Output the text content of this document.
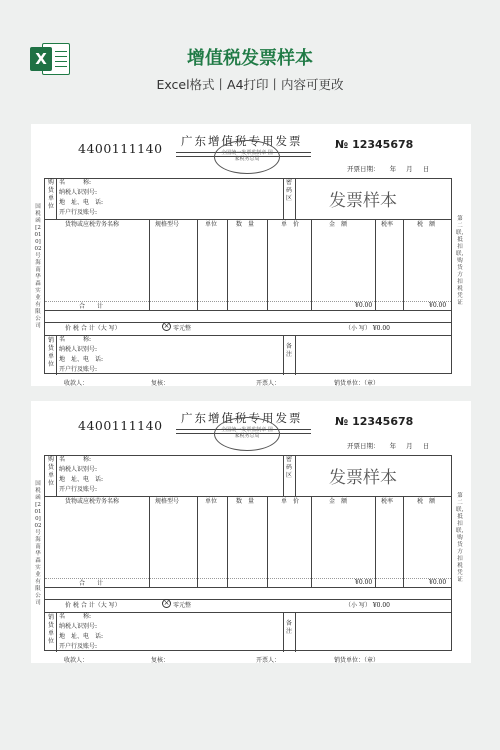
X	增值税发票样本
Excel格式丨A4打印丨内容可更改
4400111140 广东增值税专用发票
全国统一发票监制章 国家税务总局
№ 12345678
开票日期： 年 月 日
购货单位
名　　　称:
纳税人识别号:
地　址、电　话:
开户行及账号:
密码区
货物或应税劳务名称	规格型号	单位	数　量	单　价	金　额	税率	税　额
合　　计	¥0.00	¥0.00
价 税 合 计（大 写）	零元整	（小 写） ¥0.00
销货单位
名　　　称:
纳税人识别号:
地　址、电　话:
开户行及账号:
备注
发票样本
×
国税函[2010]02号 海南华森实业有限公司
第二联，抵扣联，购货方扣税凭证
收款人：	复核：	开票人：	销货单位：（章）
4400111140 广东增值税专用发票
全国统一发票监制章 国家税务总局
№ 12345678
开票日期： 年 月 日
购货单位
名　　　称:
纳税人识别号:
地　址、电　话:
开户行及账号:
密码区
货物或应税劳务名称	规格型号	单位	数　量	单　价	金　额	税率	税　额
合　　计	¥0.00	¥0.00
价 税 合 计（大 写）	零元整	（小 写） ¥0.00
销货单位
名　　　称:
纳税人识别号:
地　址、电　话:
开户行及账号:
备注
发票样本
×
国税函[2010]02号 海南华森实业有限公司
第二联，抵扣联，购货方扣税凭证
收款人：	复核：	开票人：	销货单位：（章）
